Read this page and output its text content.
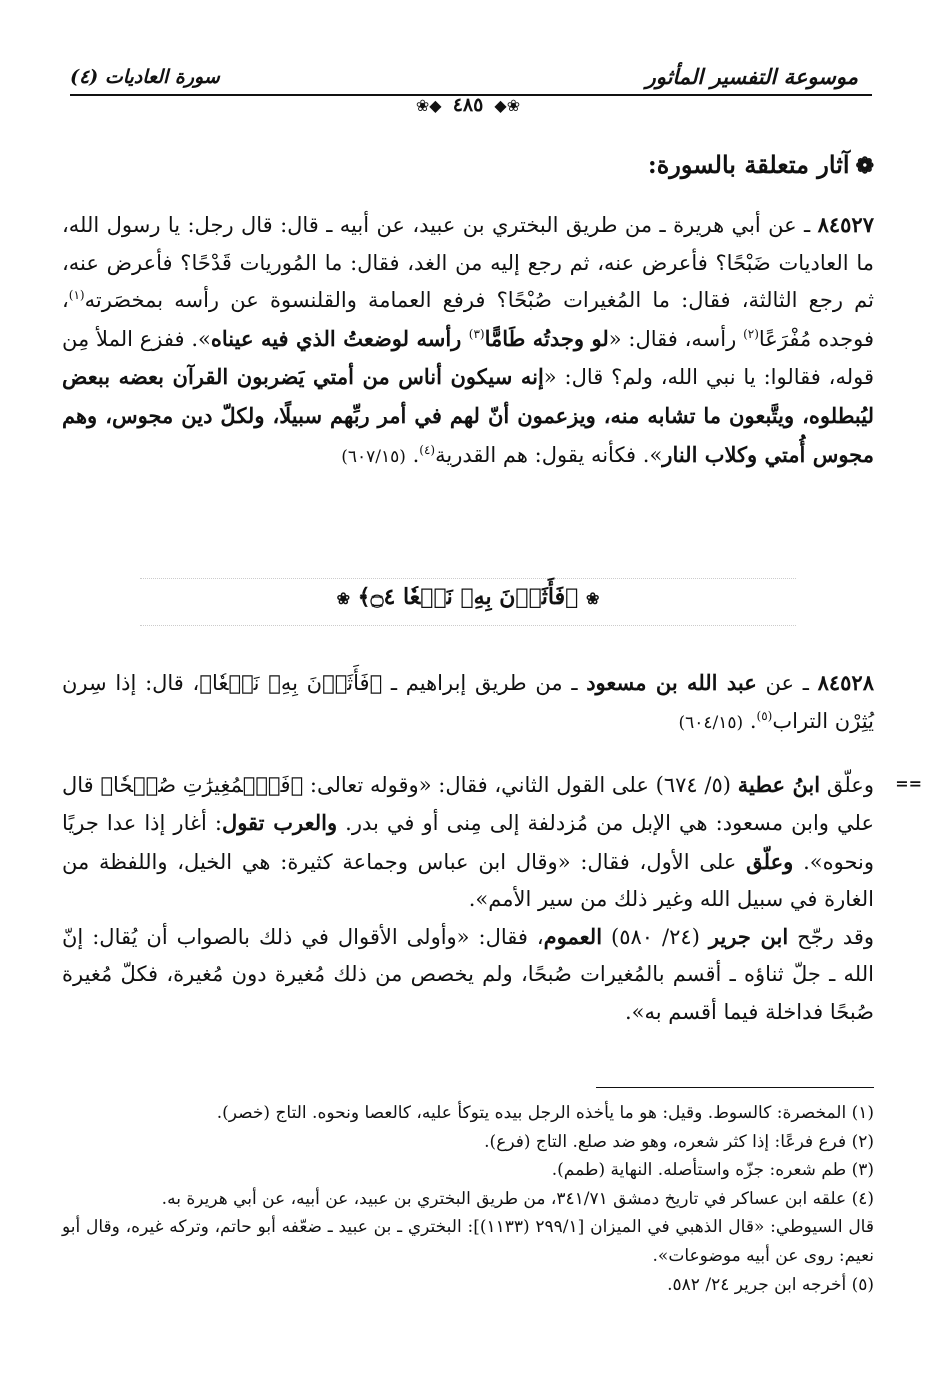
موسوعة التفسير المأثور
سورة العاديات (٤)
❀◆ ٤٨٥ ◆❀
❁آثار متعلقة بالسورة:
٨٤٥٢٧ ـ عن أبي هريرة ـ من طريق البختري بن عبيد، عن أبيه ـ قال: قال رجل: يا رسول الله، ما العاديات ضَبْحًا؟ فأعرض عنه، ثم رجع إليه من الغد، فقال: ما المُوريات قَدْحًا؟ فأعرض عنه، ثم رجع الثالثة، فقال: ما المُغيرات صُبْحًا؟ فرفع العمامة والقلنسوة عن رأسه بمخصَرته$^{(١)}$، فوجده مُفْرَعًا$^{(٢)}$ رأسه، فقال: «لو وجدتُه طَامًّا$^{(٣)}$ رأسه لوضعتُ الذي فيه عيناه». ففزع الملأ مِن قوله، فقالوا: يا نبي الله، ولم؟ قال: «إنه سيكون أناس من أمتي يَضربون القرآن بعضه ببعض ليُبطلوه، ويتَّبعون ما تشابه منه، ويزعمون أنّ لهم في أمر ربِّهم سبيلًا، ولكلّ دين مجوس، وهم مجوس أُمتي وكلاب النار». فكأنه يقول: هم القدرية$^{(٤)}$. (٦٠٧/١٥)
❀ ﴿فَأَثَرۡنَ بِهِۦ نَقۡعٗا ۝٤﴾ ❀
٨٤٥٢٨ ـ عن عبد الله بن مسعود ـ من طريق إبراهيم ـ ﴿فَأَثَرۡنَ بِهِۦ نَقۡعٗا﴾، قال: إذا سِرن يُثِرْن التراب$^{(٥)}$. (٦٠٤/١٥)
==
وعلّق ابنُ عطية (٥/ ٦٧٤) على القول الثاني، فقال: «وقوله تعالى: ﴿فَٱلۡمُغِيرَٰتِ صُبۡحٗا﴾ قال علي وابن مسعود: هي الإبل من مُزدلفة إلى مِنى أو في بدر. والعرب تقول: أغار إذا عدا جريًا ونحوه». وعلّق على الأول، فقال: «وقال ابن عباس وجماعة كثيرة: هي الخيل، واللفظة من الغارة في سبيل الله وغير ذلك من سير الأمم».
وقد رجّح ابن جرير (٢٤/ ٥٨٠) العموم، فقال: «وأولى الأقوال في ذلك بالصواب أن يُقال: إنّ الله ـ جلّ ثناؤه ـ أقسم بالمُغيرات صُبحًا، ولم يخصص من ذلك مُغيرة دون مُغيرة، فكلّ مُغيرة صُبحًا فداخلة فيما أقسم به».
(١) المخصرة: كالسوط. وقيل: هو ما يأخذه الرجل بيده يتوكأ عليه، كالعصا ونحوه. التاج (خصر).
(٢) فرع فرعًا: إذا كثر شعره، وهو ضد صلع. التاج (فرع).
(٣) طم شعره: جزّه واستأصله. النهاية (طمم).
(٤) علقه ابن عساكر في تاريخ دمشق ٣٤١/٧١، من طريق البختري بن عبيد، عن أبيه، عن أبي هريرة به.
قال السيوطي: «قال الذهبي في الميزان [٢٩٩/١ (١١٣٣)]: البختري ـ بن عبيد ـ ضعّفه أبو حاتم، وتركه غيره، وقال أبو نعيم: روى عن أبيه موضوعات».
(٥) أخرجه ابن جرير ٢٤/ ٥٨٢.
